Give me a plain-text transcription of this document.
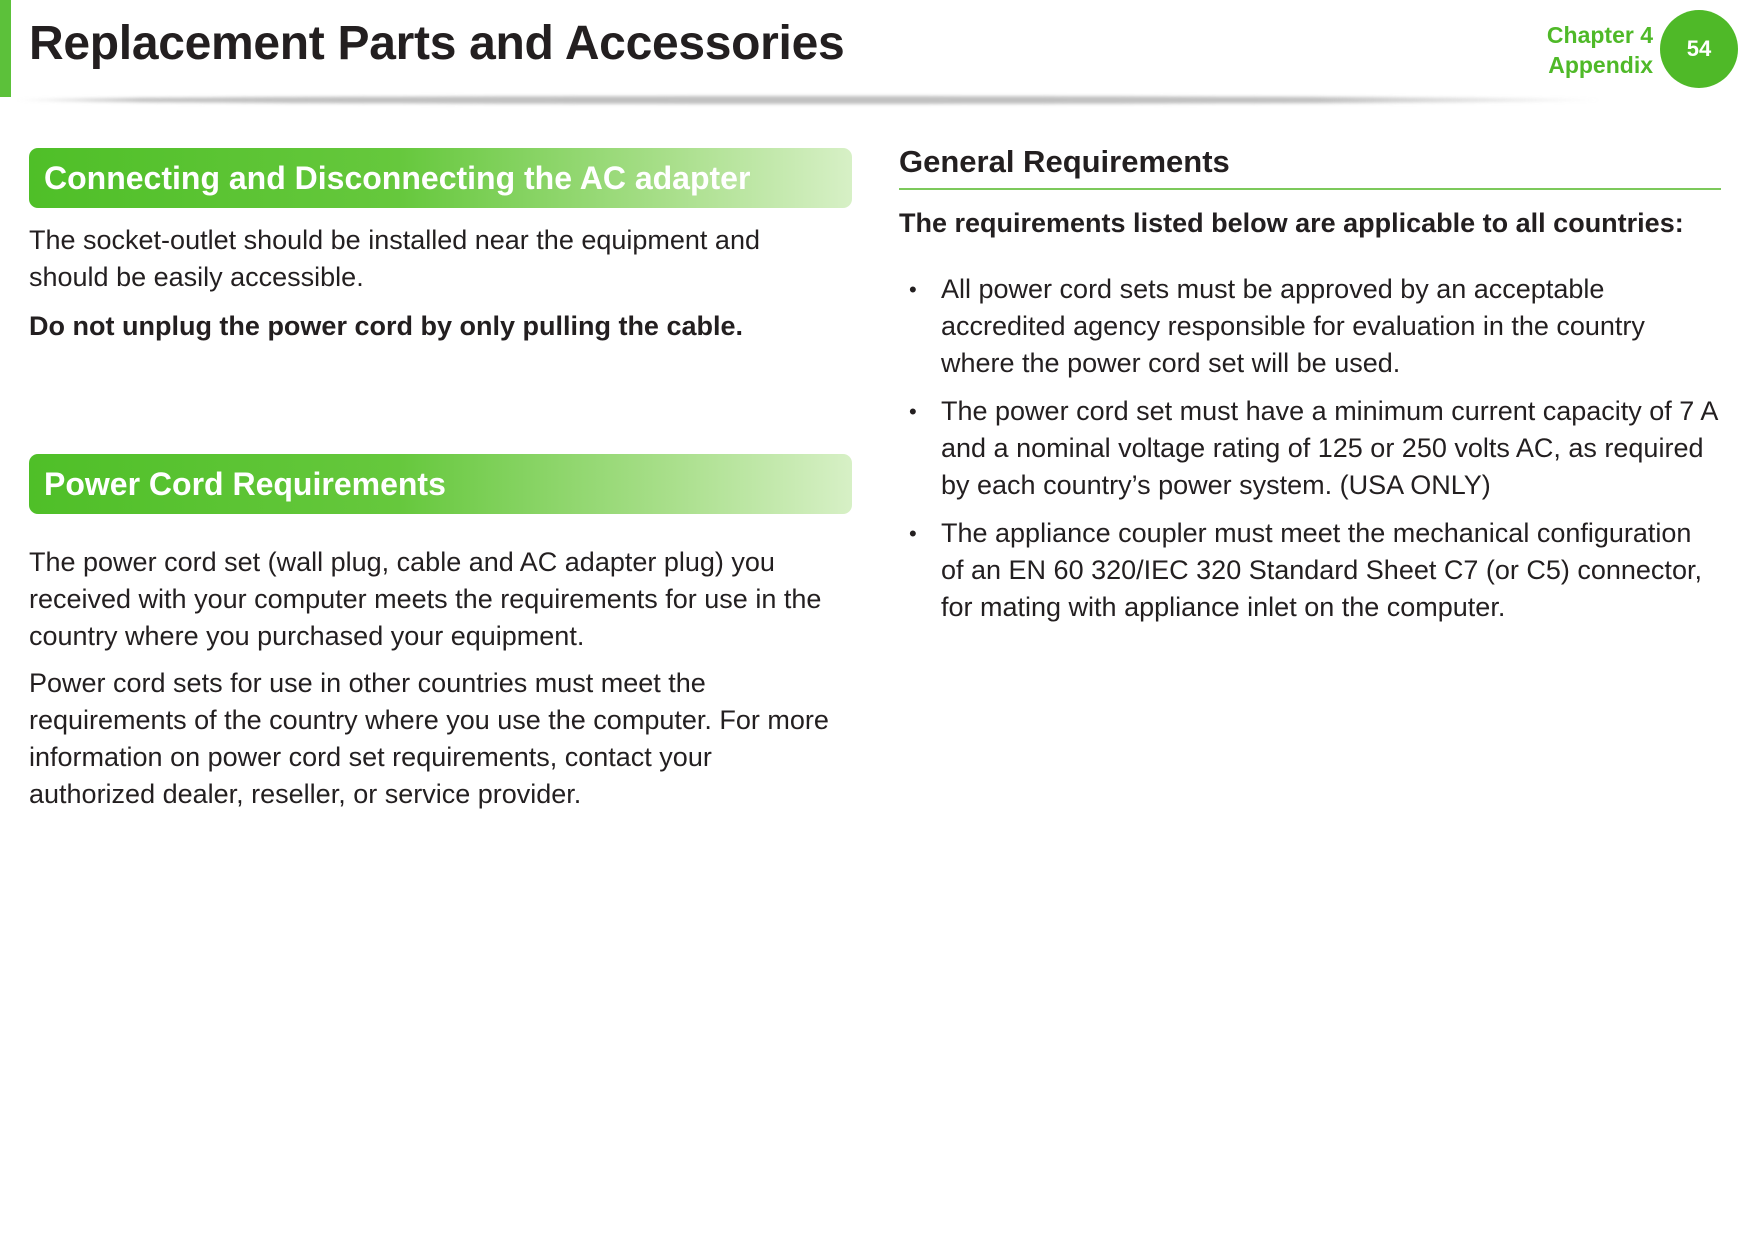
Replacement Parts and Accessories	Chapter 4
Appendix
54
Connecting and Disconnecting the AC adapter

The socket-outlet should be installed near the equipment and should be easily accessible.

Do not unplug the power cord by only pulling the cable.

Power Cord Requirements

The power cord set (wall plug, cable and AC adapter plug) you received with your computer meets the requirements for use in the country where you purchased your equipment.

Power cord sets for use in other countries must meet the requirements of the country where you use the computer. For more information on power cord set requirements, contact your authorized dealer, reseller, or service provider.

General Requirements

The requirements listed below are applicable to all countries:

• All power cord sets must be approved by an acceptable accredited agency responsible for evaluation in the country where the power cord set will be used.
• The power cord set must have a minimum current capacity of 7 A and a nominal voltage rating of 125 or 250 volts AC, as required by each country’s power system. (USA ONLY)
• The appliance coupler must meet the mechanical configuration of an EN 60 320/IEC 320 Standard Sheet C7 (or C5) connector, for mating with appliance inlet on the computer.
